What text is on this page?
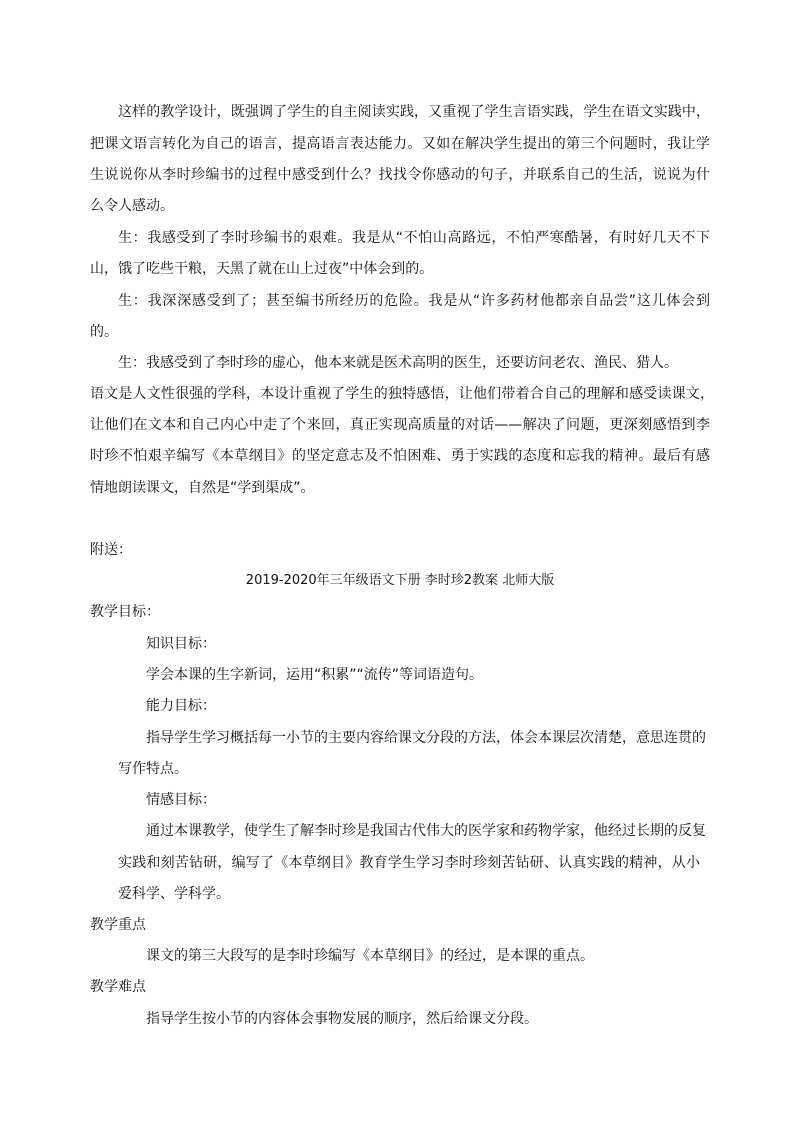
这样的教学设计，既强调了学生的自主阅读实践，又重视了学生言语实践，学生在语文实践中，
把课文语言转化为自己的语言，提高语言表达能力。又如在解决学生提出的第三个问题时，我让学
生说说你从李时珍编书的过程中感受到什么？找找令你感动的句子，并联系自己的生活，说说为什
么令人感动。
生：我感受到了李时珍编书的艰难。我是从“不怕山高路远，不怕严寒酷暑，有时好几天不下
山，饿了吃些干粮，天黑了就在山上过夜”中体会到的。
生：我深深感受到了；甚至编书所经历的危险。我是从“许多药材他都亲自品尝”这儿体会到
的。
生：我感受到了李时珍的虚心，他本来就是医术高明的医生，还要访问老农、渔民、猎人。
语文是人文性很强的学科，本设计重视了学生的独特感悟，让他们带着合自己的理解和感受读课文，
让他们在文本和自己内心中走了个来回，真正实现高质量的对话——解决了问题，更深刻感悟到李
时珍不怕艰辛编写《本草纲目》的坚定意志及不怕困难、勇于实践的态度和忘我的精神。最后有感
情地朗读课文，自然是“学到渠成”。
附送：
2019-2020年三年级语文下册 李时珍2教案 北师大版
教学目标：
知识目标：
学会本课的生字新词，运用“积累”“流传”等词语造句。
能力目标：
指导学生学习概括每一小节的主要内容给课文分段的方法，体会本课层次清楚，意思连贯的
写作特点。
情感目标：
通过本课教学，使学生了解李时珍是我国古代伟大的医学家和药物学家，他经过长期的反复
实践和刻苦钻研，编写了《本草纲目》教育学生学习李时珍刻苦钻研、认真实践的精神，从小
爱科学、学科学。
教学重点
课文的第三大段写的是李时珍编写《本草纲目》的经过，是本课的重点。
教学难点
指导学生按小节的内容体会事物发展的顺序，然后给课文分段。
